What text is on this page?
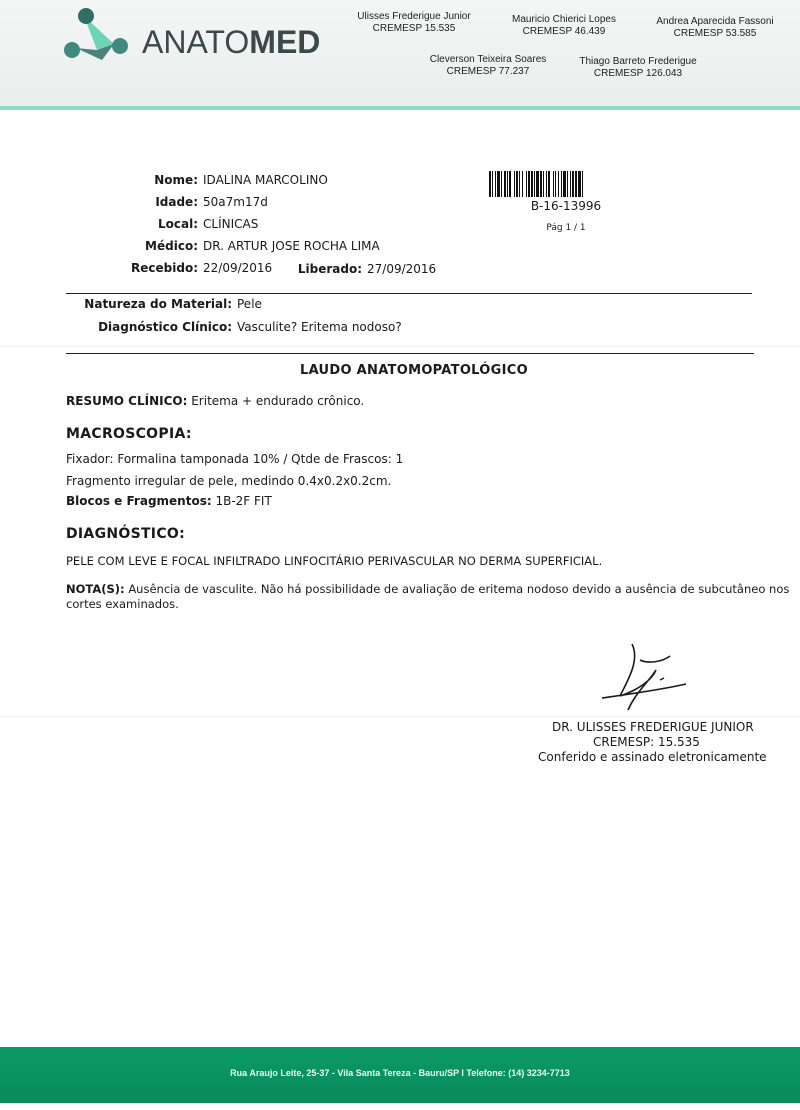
ANATOMED
Ulisses Frederigue Junior
CREMESP 15.535
Mauricio Chierici Lopes
CREMESP 46.439
Andrea Aparecida Fassoni
CREMESP 53.585
Cleverson Teixeira Soares
CREMESP 77.237
Thiago Barreto Frederigue
CREMESP 126.043
Nome: IDALINA MARCOLINO
Idade: 50a7m17d
Local: CLÍNICAS
Médico: DR. ARTUR JOSE ROCHA LIMA
Recebido: 22/09/2016	Liberado: 27/09/2016
B-16-13996
Pág 1 / 1
Natureza do Material: Pele
Diagnóstico Clínico: Vasculite? Eritema nodoso?
LAUDO ANATOMOPATOLÓGICO
RESUMO CLÍNICO: Eritema + endurado crônico.
MACROSCOPIA:
Fixador: Formalina tamponada 10% / Qtde de Frascos: 1
Fragmento irregular de pele, medindo 0.4x0.2x0.2cm.
Blocos e Fragmentos: 1B-2F FIT
DIAGNÓSTICO:
PELE COM LEVE E FOCAL INFILTRADO LINFOCITÁRIO PERIVASCULAR NO DERMA SUPERFICIAL.
NOTA(S): Ausência de vasculite. Não há possibilidade de avaliação de eritema nodoso devido a ausência de subcutâneo nos
cortes examinados.
DR. ULISSES FREDERIGUE JUNIOR
CREMESP: 15.535
Conferido e assinado eletronicamente
Rua Araujo Leite, 25-37 - Vila Santa Tereza - Bauru/SP I Telefone: (14) 3234-7713
